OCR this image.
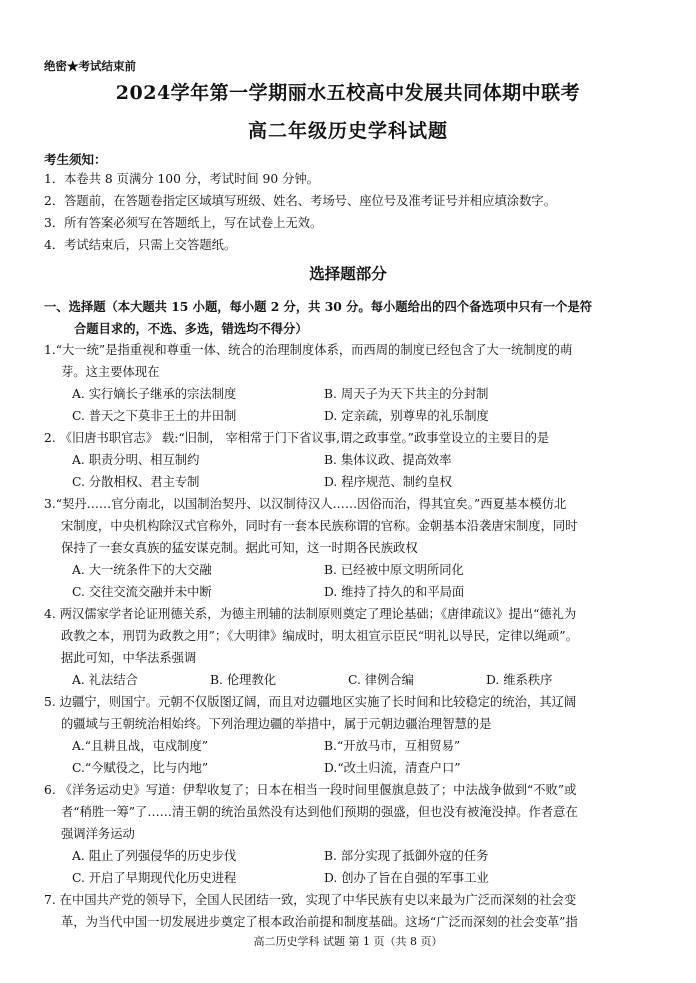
绝密★考试结束前
2024学年第一学期丽水五校高中发展共同体期中联考
高二年级历史学科试题
考生须知：
1．本卷共 8 页满分 100 分，考试时间 90 分钟。
2．答题前，在答题卷指定区域填写班级、姓名、考场号、座位号及准考证号并相应填涂数字。
3．所有答案必须写在答题纸上，写在试卷上无效。
4．考试结束后，只需上交答题纸。
选择题部分
一、选择题（本大题共 15 小题，每小题 2 分，共 30 分。每小题给出的四个备选项中只有一个是符
合题目求的，不选、多选，错选均不得分）
1.“大一统”是指重视和尊重一体、统合的治理制度体系，而西周的制度已经包含了大一统制度的萌
芽。这主要体现在
A. 实行嫡长子继承的宗法制度	B. 周天子为天下共主的分封制
C. 普天之下莫非王土的井田制	D. 定亲疏，别尊卑的礼乐制度
2. 《旧唐书职官志》 载:“旧制， 宰相常于门下省议事,谓之政事堂。”政事堂设立的主要目的是
A. 职责分明、相互制约	B. 集体议政、提高效率
C. 分散相权、君主专制	D. 程序规范、制约皇权
3.“契丹……官分南北，以国制治契丹、以汉制待汉人……因俗而治，得其宜矣。”西夏基本模仿北
宋制度，中央机构除汉式官称外，同时有一套本民族称谓的官称。金朝基本沿袭唐宋制度，同时
保持了一套女真族的猛安谋克制。据此可知，这一时期各民族政权
A. 大一统条件下的大交融	B. 已经被中原文明所同化
C. 交往交流交融并未中断	D. 维持了持久的和平局面
4. 两汉儒家学者论证刑德关系，为德主刑辅的法制原则奠定了理论基础；《唐律疏议》提出“德礼为
政教之本，刑罚为政教之用”；《大明律》编成时，明太祖宣示臣民“明礼以导民，定律以绳顽”。
据此可知，中华法系强调
A. 礼法结合	B. 伦理教化	C. 律例合编	D. 维系秩序
5. 边疆宁，则国宁。元朝不仅版图辽阔，而且对边疆地区实施了长时间和比较稳定的统治，其辽阔
的疆域与王朝统治相始终。下列治理边疆的举措中，属于元朝边疆治理智慧的是
A.“且耕且战，屯戍制度”	B.“开放马市，互相贸易”
C.“今赋役之，比与内地”	D.“改土归流，清查户口”
6. 《洋务运动史》写道：伊犁收复了；日本在相当一段时间里偃旗息鼓了；中法战争做到“不败”或
者“稍胜一筹”了……清王朝的统治虽然没有达到他们预期的强盛，但也没有被淹没掉。作者意在
强调洋务运动
A. 阻止了列强侵华的历史步伐	B. 部分实现了抵御外寇的任务
C. 开启了早期现代化历史进程	D. 创办了旨在自强的军事工业
7. 在中国共产党的领导下，全国人民团结一致，实现了中华民族有史以来最为广泛而深刻的社会变
革，为当代中国一切发展进步奠定了根本政治前提和制度基础。这场“广泛而深刻的社会变革”指
高二历史学科 试题 第 1 页（共 8 页）
